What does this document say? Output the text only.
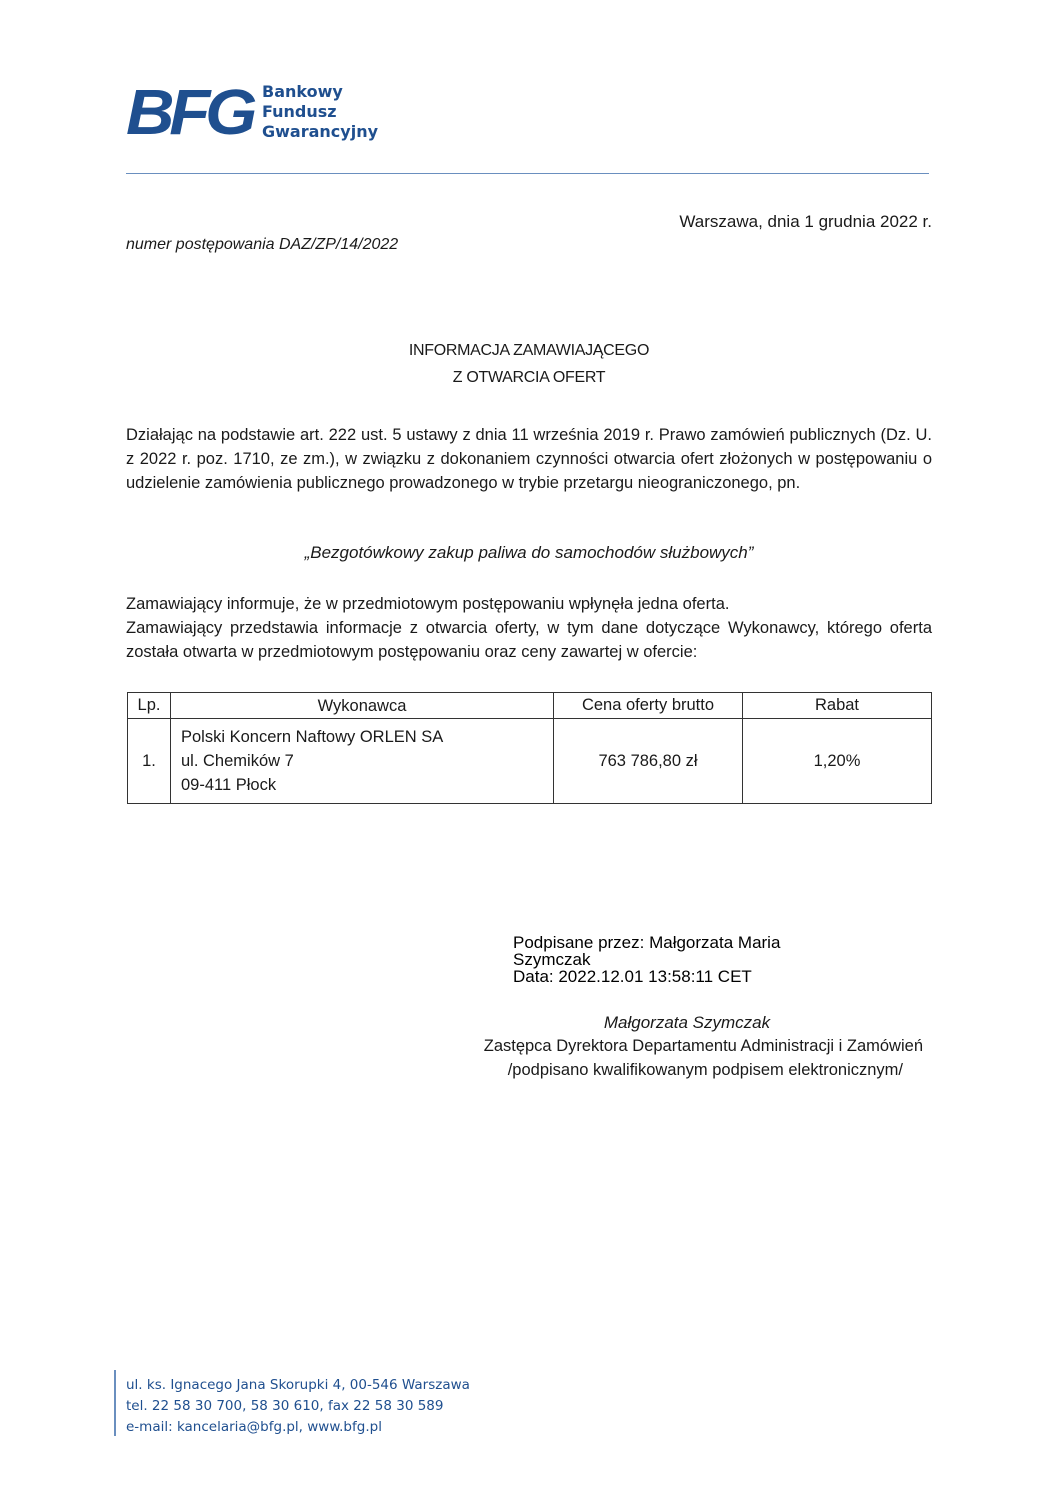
BFG Bankowy
Fundusz
Gwarancyjny
Warszawa, dnia 1 grudnia 2022 r.
numer postępowania DAZ/ZP/14/2022
INFORMACJA ZAMAWIAJĄCEGO
Z OTWARCIA OFERT
Działając na podstawie art. 222 ust. 5 ustawy z dnia 11 września 2019 r. Prawo zamówień publicznych (Dz. U. z 2022 r. poz. 1710, ze zm.), w związku z dokonaniem czynności otwarcia ofert złożonych w postępowaniu o udzielenie zamówienia publicznego prowadzonego w trybie przetargu nieograniczonego, pn.
„Bezgotówkowy zakup paliwa do samochodów służbowych”
Zamawiający informuje, że w przedmiotowym postępowaniu wpłynęła jedna oferta.
Zamawiający przedstawia informacje z otwarcia oferty, w tym dane dotyczące Wykonawcy, którego oferta została otwarta w przedmiotowym postępowaniu oraz ceny zawartej w ofercie:
Lp.	Wykonawca	Cena oferty brutto	Rabat
1.	Polski Koncern Naftowy ORLEN SA
ul. Chemików 7
09-411 Płock	763 786,80 zł	1,20%
Podpisane przez: Małgorzata Maria
Szymczak
Data: 2022.12.01 13:58:11 CET
Małgorzata Szymczak
Zastępca Dyrektora Departamentu Administracji i Zamówień
/podpisano kwalifikowanym podpisem elektronicznym/
ul. ks. Ignacego Jana Skorupki 4, 00-546 Warszawa
tel. 22 58 30 700, 58 30 610, fax 22 58 30 589
e-mail: kancelaria@bfg.pl, www.bfg.pl
